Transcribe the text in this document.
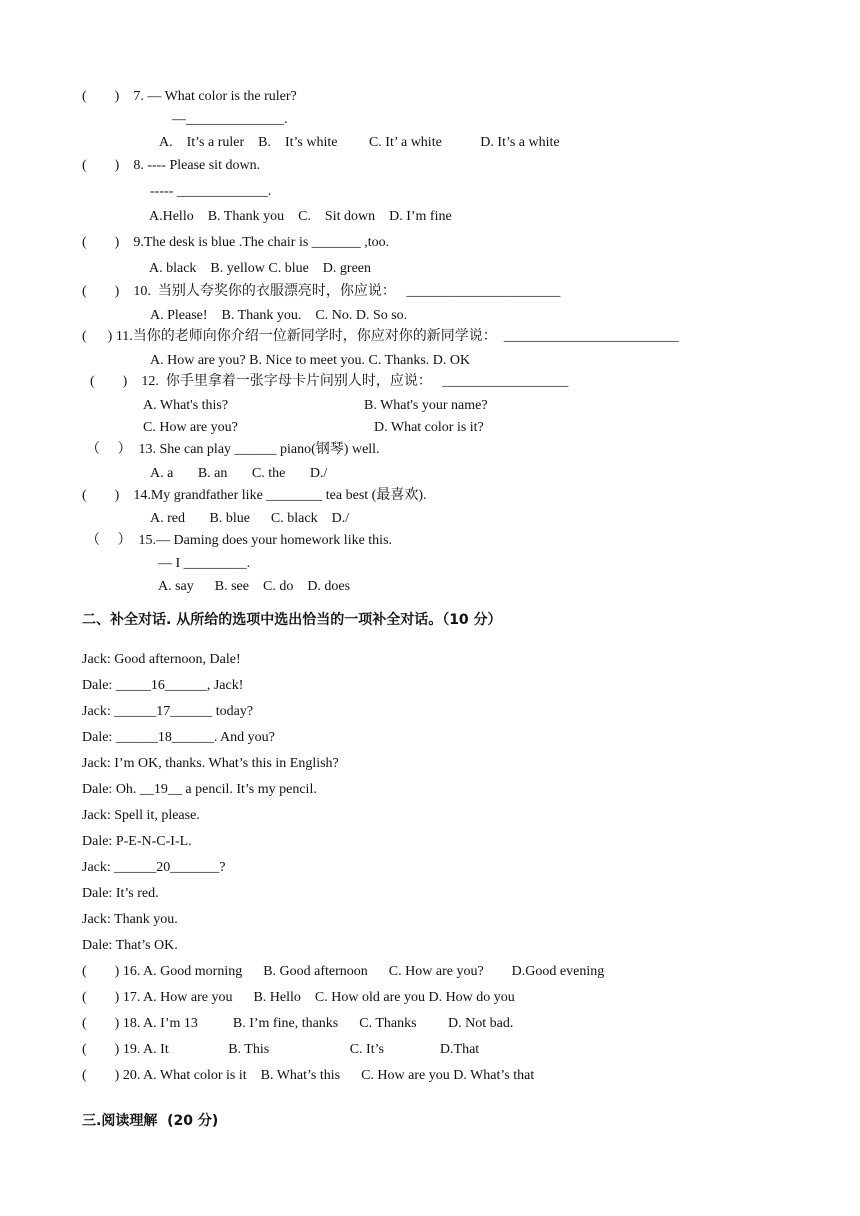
(        )    7. — What color is the ruler?
—______________.
A.    It’s a ruler    B.    It’s white         C. It’ a white           D. It’s a white
(        )    8. ---- Please sit down.
----- _____________.
A.Hello    B. Thank you    C.    Sit down    D. I’m fine
(        )    9.The desk is blue .The chair is _______ ,too.
A. black    B. yellow C. blue    D. green
(        )    10.  当别人夸奖你的衣服漂亮时，你应说：   ______________________
A. Please!    B. Thank you.    C. No. D. So so.
(      ) 11.当你的老师向你介绍一位新同学时，你应对你的新同学说：  _________________________
A. How are you? B. Nice to meet you. C. Thanks. D. OK
(        )    12.  你手里拿着一张字母卡片问别人时，应说：   __________________
A. What's this?	B. What's your name?
C. How are you?	D. What color is it?
（     ）  13. She can play ______ piano(钢琴) well.
A. a       B. an       C. the       D./
(        )    14.My grandfather like ________ tea best (最喜欢).
A. red       B. blue      C. black    D./
（     ）  15.— Daming does your homework like this.
— I _________.
A. say      B. see    C. do    D. does
二、补全对话. 从所给的选项中选出恰当的一项补全对话。（10 分）
Jack: Good afternoon, Dale!
Dale: _____16______, Jack!
Jack: ______17______ today?
Dale: ______18______. And you?
Jack: I’m OK, thanks. What’s this in English?
Dale: Oh. __19__ a pencil. It’s my pencil.
Jack: Spell it, please.
Dale: P-E-N-C-I-L.
Jack: ______20_______?
Dale: It’s red.
Jack: Thank you.
Dale: That’s OK.
(        ) 16. A. Good morning      B. Good afternoon      C. How are you?        D.Good evening
(        ) 17. A. How are you      B. Hello    C. How old are you D. How do you
(        ) 18. A. I’m 13          B. I’m fine, thanks      C. Thanks         D. Not bad.
(        ) 19. A. It                 B. This                       C. It’s                D.That
(        ) 20. A. What color is it    B. What’s this      C. How are you D. What’s that
三.阅读理解  (20 分)
